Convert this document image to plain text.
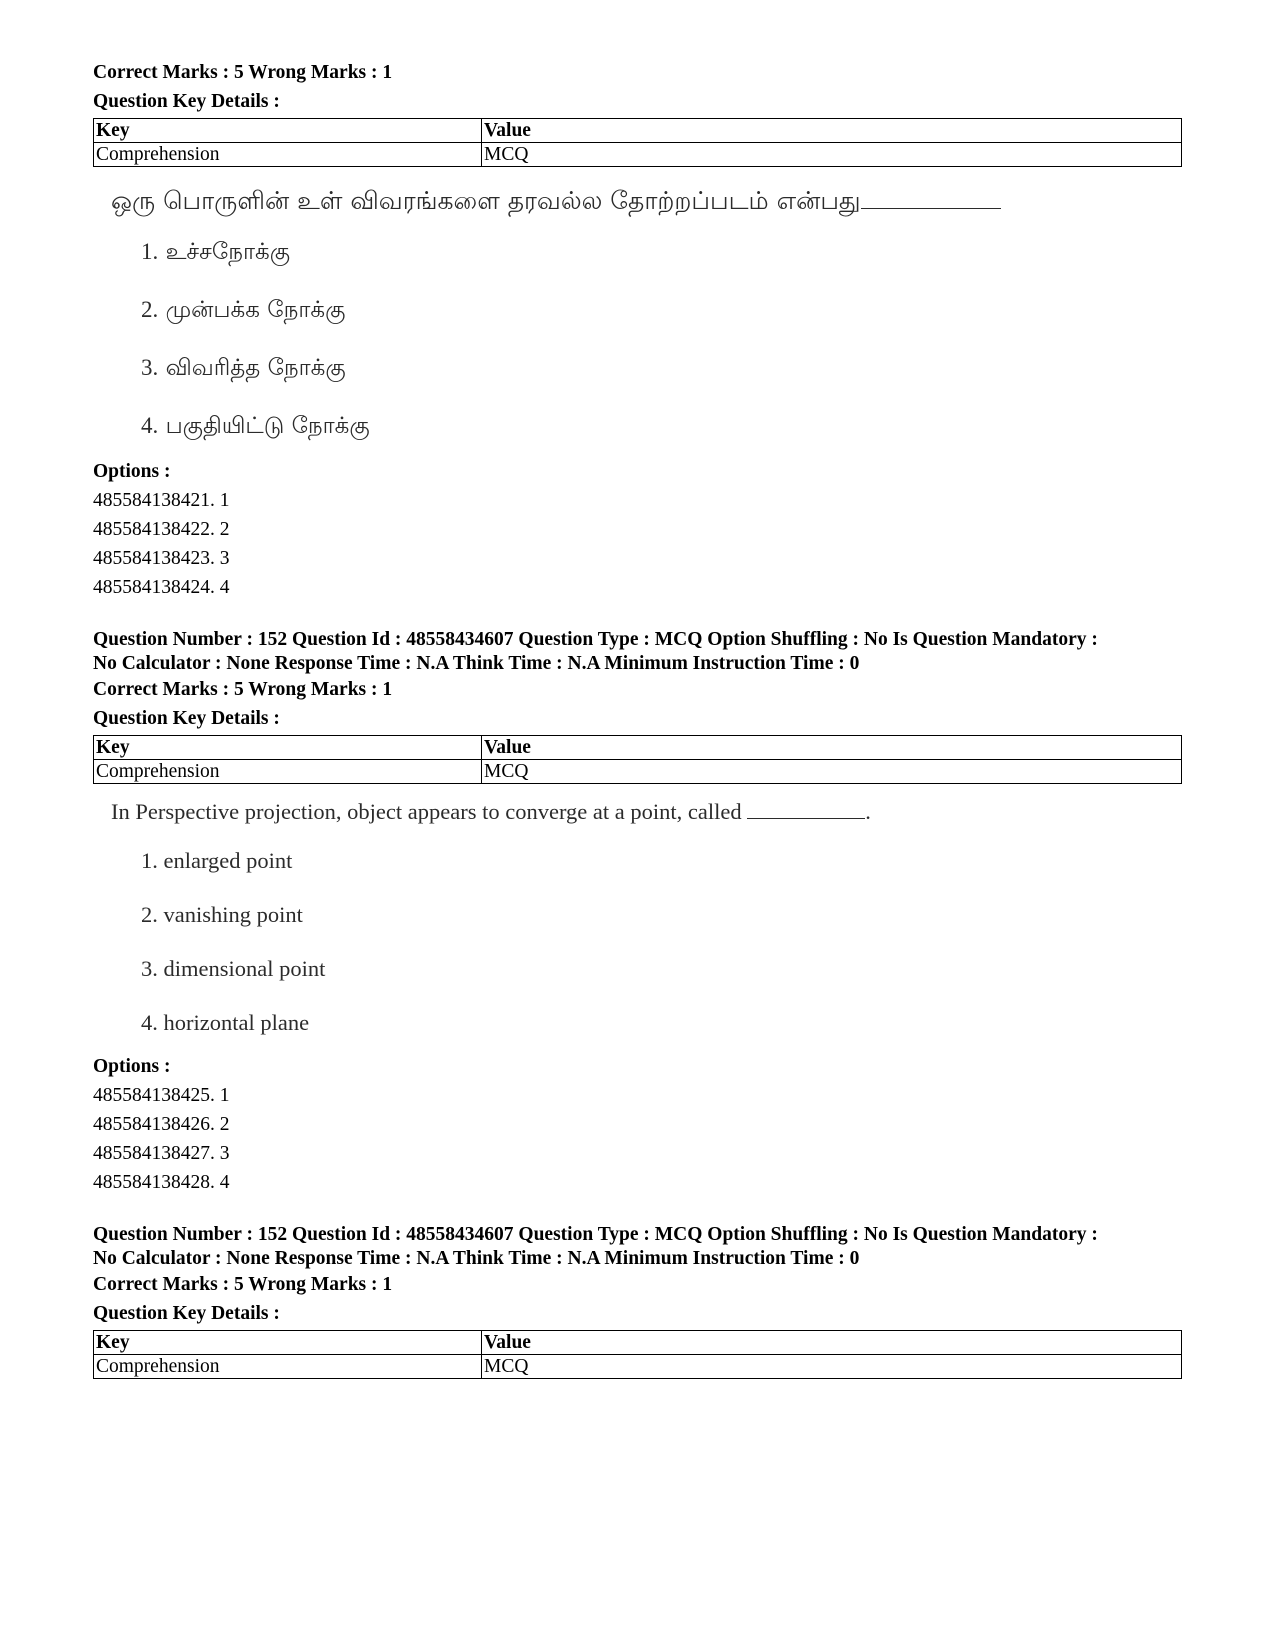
Correct Marks : 5 Wrong Marks : 1
Question Key Details :
Key	Value
Comprehension	MCQ
ஒரு பொருளின் உள் விவரங்களை தரவல்ல தோற்றப்படம் என்பது
1. உச்சநோக்கு
2. முன்பக்க நோக்கு
3. விவரித்த நோக்கு
4. பகுதியிட்டு நோக்கு
Options :
485584138421. 1
485584138422. 2
485584138423. 3
485584138424. 4
Question Number : 152 Question Id : 48558434607 Question Type : MCQ Option Shuffling : No Is Question Mandatory :
No Calculator : None Response Time : N.A Think Time : N.A Minimum Instruction Time : 0
Correct Marks : 5 Wrong Marks : 1
Question Key Details :
Key	Value
Comprehension	MCQ
In Perspective projection, object appears to converge at a point, called	.
1. enlarged point
2. vanishing point
3. dimensional point
4. horizontal plane
Options :
485584138425. 1
485584138426. 2
485584138427. 3
485584138428. 4
Question Number : 152 Question Id : 48558434607 Question Type : MCQ Option Shuffling : No Is Question Mandatory :
No Calculator : None Response Time : N.A Think Time : N.A Minimum Instruction Time : 0
Correct Marks : 5 Wrong Marks : 1
Question Key Details :
Key	Value
Comprehension	MCQ
